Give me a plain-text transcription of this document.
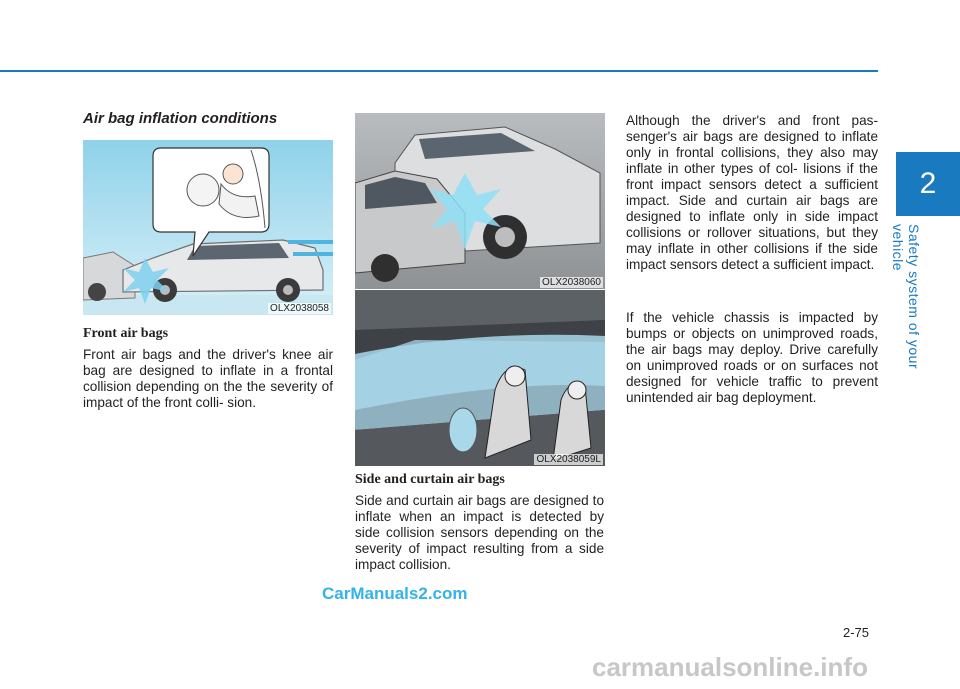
2
Safety system of your vehicle
Air bag inflation conditions
OLX2038058
Front air bags

Front air bags and the driver's knee air bag are designed to inflate in a frontal collision depending on the the severity of impact of the front colli- sion.

OLX2038060
OLX2038059L
Side and curtain air bags

Side and curtain air bags are designed to inflate when an impact is detected by side collision sensors depending on the severity of impact resulting from a side impact collision.

Although the driver's and front pas- senger's air bags are designed to inflate only in frontal collisions, they also may inflate in other types of col- lisions if the front impact sensors detect a sufficient impact. Side and curtain air bags are designed to inflate only in side impact collisions or rollover situations, but they may inflate in other collisions if the side impact sensors detect a sufficient impact.

If the vehicle chassis is impacted by bumps or objects on unimproved roads, the air bags may deploy. Drive carefully on unimproved roads or on surfaces not designed for vehicle traffic to prevent unintended air bag deployment.

CarManuals2.com
2-75
carmanualsonline.info
